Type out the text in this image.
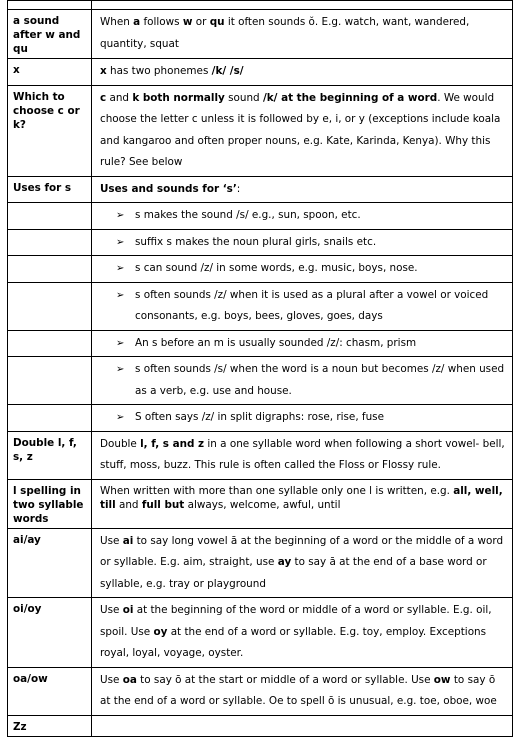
a sound after w and qu	When a follows w or qu it often sounds ŏ. E.g. watch, want, wandered, quantity, squat
x	x has two phonemes /k/ /s/
Which to choose c or k?	c and k both normally sound /k/ at the beginning of a word. We would choose the letter c unless it is followed by e, i, or y (exceptions include koala and kangaroo and often proper nouns, e.g. Kate, Karinda, Kenya). Why this rule? See below
Uses for s	Uses and sounds for ‘s’:

	➢ s makes the sound /s/ e.g., sun, spoon, etc.

	➢ suffix s makes the noun plural girls, snails etc.

	➢ s can sound /z/ in some words, e.g. music, boys, nose.

	➢ s often sounds /z/ when it is used as a plural after a vowel or voiced consonants, e.g. boys, bees, gloves, goes, days

	➢ An s before an m is usually sounded /z/: chasm, prism

	➢ s often sounds /s/ when the word is a noun but becomes /z/ when used as a verb, e.g. use and house.

	➢ S often says /z/ in split digraphs: rose, rise, fuse

Double l, f, s, z	Double l, f, s and z in a one syllable word when following a short vowel- bell, stuff, moss, buzz. This rule is often called the Floss or Flossy rule.
l spelling in two syllable words	When written with more than one syllable only one l is written, e.g. all, well, till and full but always, welcome, awful, until
ai/ay	Use ai to say long vowel ā at the beginning of a word or the middle of a word or syllable. E.g. aim, straight, use ay to say ā at the end of a base word or syllable, e.g. tray or playground
oi/oy	Use oi at the beginning of the word or middle of a word or syllable. E.g. oil, spoil. Use oy at the end of a word or syllable. E.g. toy, employ. Exceptions royal, loyal, voyage, oyster.
oa/ow	Use oa to say ō at the start or middle of a word or syllable. Use ow to say ō at the end of a word or syllable. Oe to spell ō is unusual, e.g. toe, oboe, woe
Zz	
